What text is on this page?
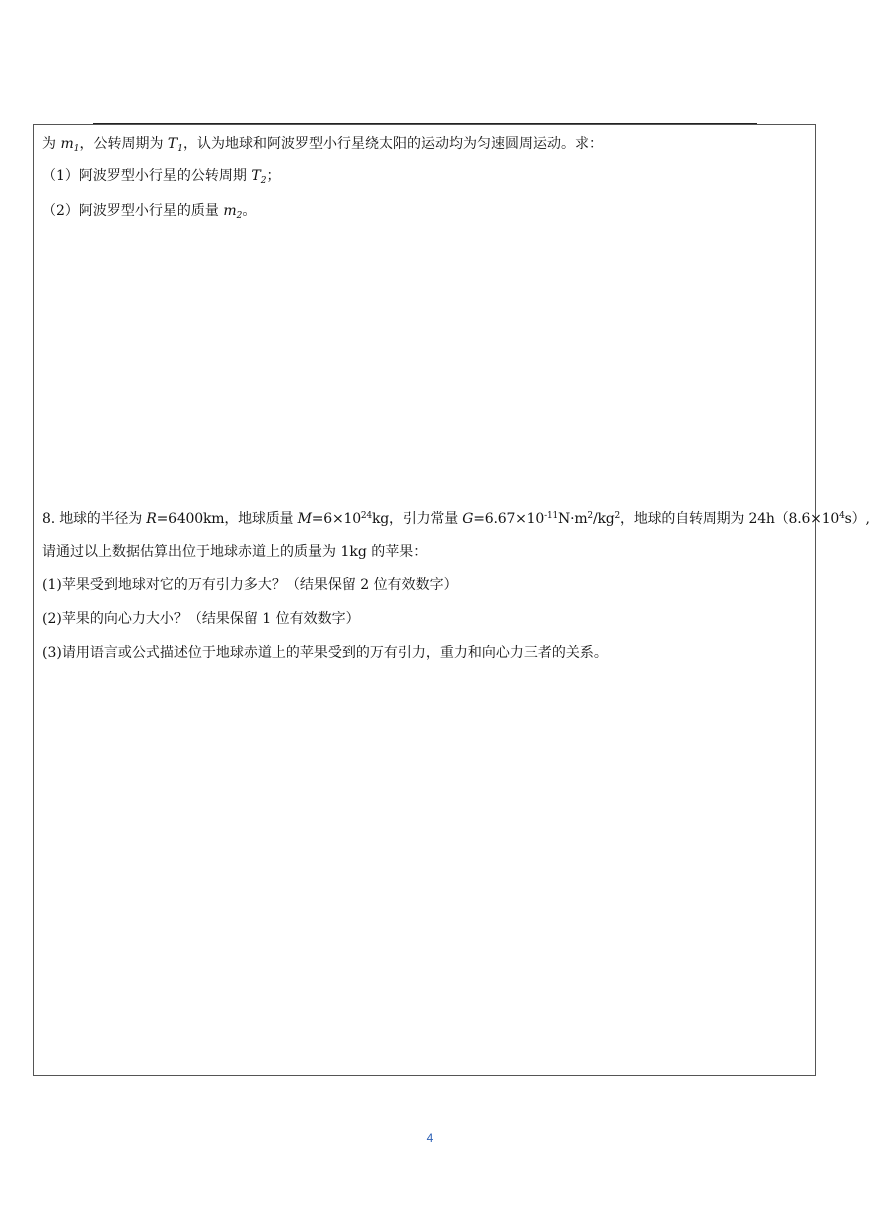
为 $m_1$，公转周期为 $T_1$，认为地球和阿波罗型小行星绕太阳的运动均为匀速圆周运动。求：
（1）阿波罗型小行星的公转周期 $T_2$；
（2）阿波罗型小行星的质量 $m_2$。
8. 地球的半径为 R=6400km，地球质量 $M=6\times 10^{24}kg$，引力常量 $G=6.67\times 10^{-11}N\cdot m^2/kg^2$，地球的自转周期为 $24h(8.6\times 10^4s)$,
请通过以上数据估算出位于地球赤道上的质量为 1kg 的苹果：
(1)苹果受到地球对它的万有引力多大？（结果保留 2 位有效数字）
(2)苹果的向心力大小？（结果保留 1 位有效数字）
(3)请用语言或公式描述位于地球赤道上的苹果受到的万有引力，重力和向心力三者的关系。
4
